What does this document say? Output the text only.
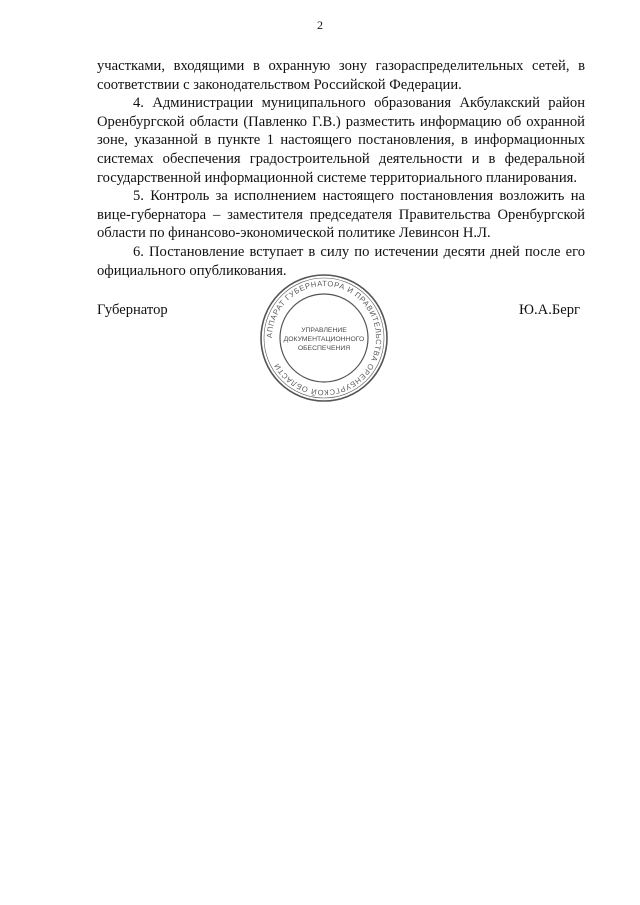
2

участками, входящими в охранную зону газораспределительных сетей, в соответствии с законодательством Российской Федерации.

4. Администрации муниципального образования Акбулакский район Оренбургской области (Павленко Г.В.) разместить информацию об охранной зоне, указанной в пункте 1 настоящего постановления, в информационных системах обеспечения градостроительной деятельности и в федеральной государственной информационной системе территориального планирования.

5. Контроль за исполнением настоящего постановления возложить на вице-губернатора – заместителя председателя Правительства Оренбургской области по финансово-экономической политике Левинсон Н.Л.

6. Постановление вступает в силу по истечении десяти дней после его официального опубликования.

Губернатор
АППАРАТ ГУБЕРНАТОРА И ПРАВИТЕЛЬСТВА ОРЕНБУРГСКОЙ ОБЛАСТИ
УПРАВЛЕНИЕ
ДОКУМЕНТАЦИОННОГО
ОБЕСПЕЧЕНИЯ
Ю.А.Берг
